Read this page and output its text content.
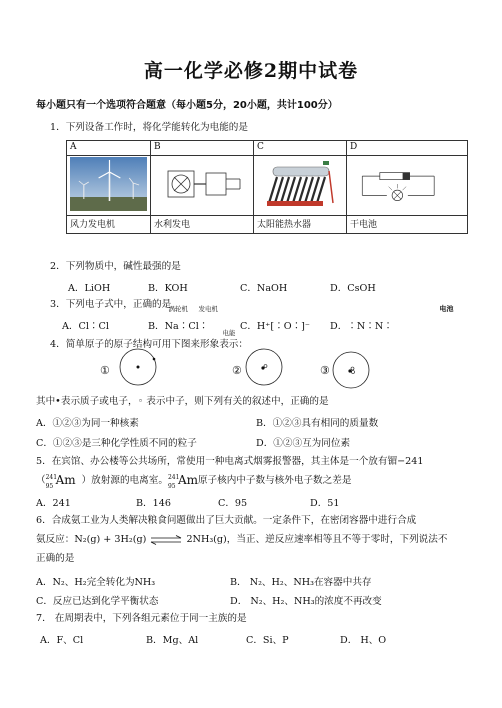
高一化学必修2期中试卷
每小题只有一个选项符合题意（每小题5分，20小题，共计100分）
1．下列设备工作时，将化学能转化为电能的是
A	B	C	D

涡轮机 发电机
电能		电池

风力发电机	水利发电	太阳能热水器	干电池
2．下列物质中，碱性最强的是
A．LiOH	B．KOH	C．NaOH	D．CsOH
3．下列电子式中，正确的是
A．Cl∶Cl	B．Na∶Cl∶	C．H⁺[∶O∶]⁻ D．∶N∶N∶
4．简单原子的原子结构可用下图来形象表示：
①	②	③
其中•表示质子或电子，◦ 表示中子，则下列有关的叙述中，正确的是
A．①②③为同一种核素	B．①②③具有相同的质量数
C．①②③是三种化学性质不同的粒子	D．①②③互为同位素
5．在宾馆、办公楼等公共场所，常使用一种电离式烟雾报警器，其主体是一个放有镅−241
（ 241
95 Am ）放射源的电离室。 241
95 Am 原子核内中子数与核外电子数之差是
A．241	B．146	C．95	D．51
6．合成氨工业为人类解决粮食问题做出了巨大贡献。一定条件下，在密闭容器中进行合成
氨反应：N₂(g) + 3H₂(g) ⇌ 2NH₃(g)，当正、逆反应速率相等且不等于零时，下列说法不
正确的是
A．N₂、H₂完全转化为NH₃	B． N₂、H₂、NH₃在容器中共存
C．反应已达到化学平衡状态	D． N₂、H₂、NH₃的浓度不再改变
7． 在周期表中，下列各组元素位于同一主族的是
A．F、Cl	B．Mg、Al	C．Si、P	D． H、O
